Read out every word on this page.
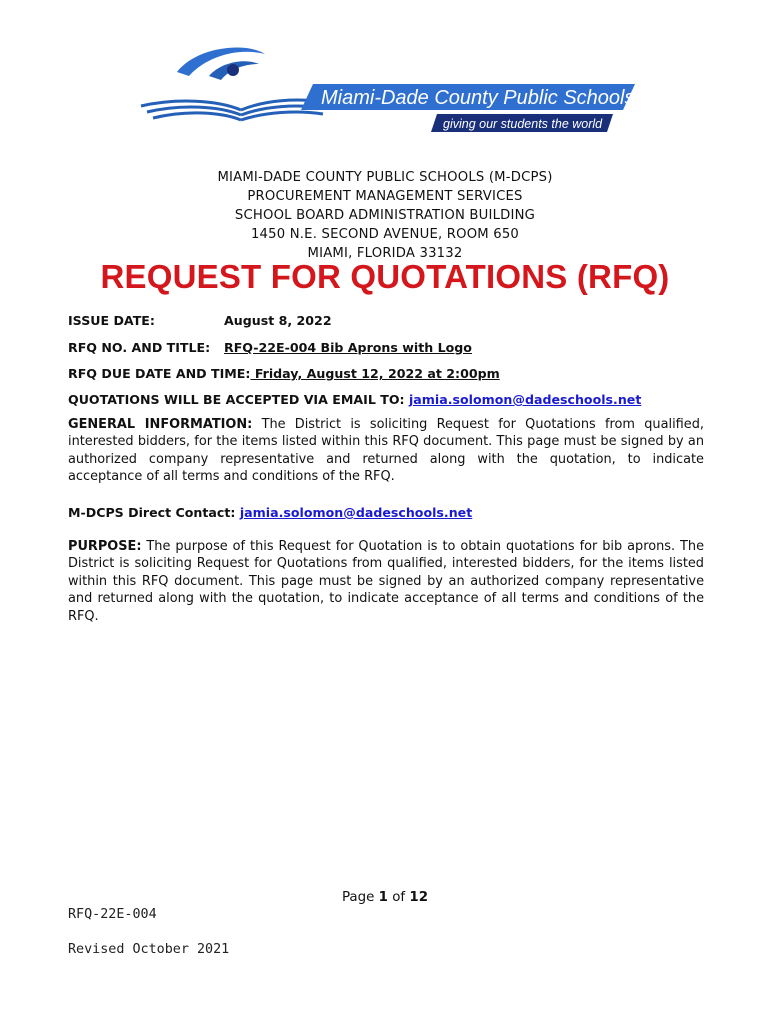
Miami-Dade County Public Schools
giving our students the world
MIAMI-DADE COUNTY PUBLIC SCHOOLS (M-DCPS)
PROCUREMENT MANAGEMENT SERVICES
SCHOOL BOARD ADMINISTRATION BUILDING
1450 N.E. SECOND AVENUE, ROOM 650
MIAMI, FLORIDA 33132
REQUEST FOR QUOTATIONS (RFQ)
ISSUE DATE:	August 8, 2022
RFQ NO. AND TITLE: RFQ-22E-004 Bib Aprons with Logo
RFQ DUE DATE AND TIME: Friday, August 12, 2022 at 2:00pm
QUOTATIONS WILL BE ACCEPTED VIA EMAIL TO: jamia.solomon@dadeschools.net
GENERAL INFORMATION: The District is soliciting Request for Quotations from qualified, interested bidders, for the items listed within this RFQ document. This page must be signed by an authorized company representative and returned along with the quotation, to indicate acceptance of all terms and conditions of the RFQ.
M-DCPS Direct Contact: jamia.solomon@dadeschools.net
PURPOSE: The purpose of this Request for Quotation is to obtain quotations for bib aprons. The District is soliciting Request for Quotations from qualified, interested bidders, for the items listed within this RFQ document. This page must be signed by an authorized company representative and returned along with the quotation, to indicate acceptance of all terms and conditions of the RFQ.
Page 1 of 12
RFQ-22E-004
Revised October 2021
